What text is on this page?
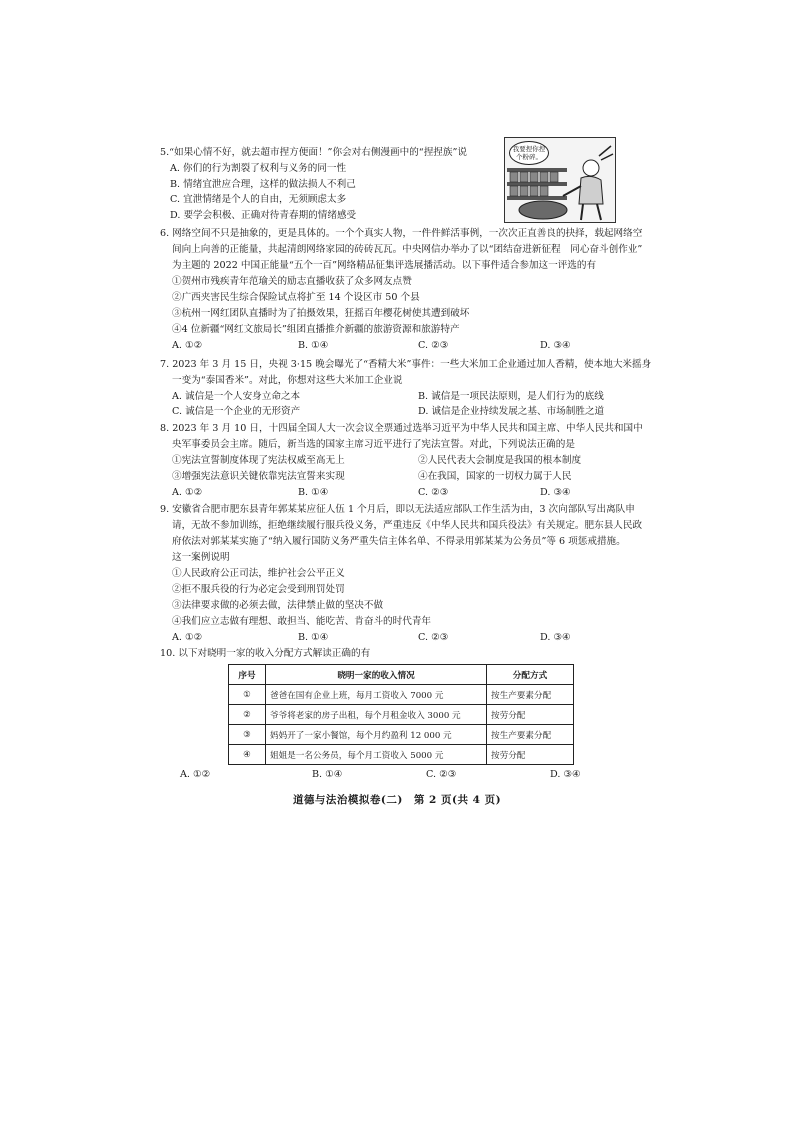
5.“如果心情不好，就去超市捏方便面！”你会对右侧漫画中的“捏捏族”说
A. 你们的行为割裂了权利与义务的同一性
B. 情绪宜泄应合理，这样的做法损人不利己
C. 宜泄情绪是个人的自由，无须顾虑太多
D. 要学会积极、正确对待青春期的情绪感受
我要捏你捏个粉碎。
6. 网络空间不只是抽象的，更是具体的。一个个真实人物，一件件鲜活事例，一次次正直善良的抉择，载起网络空
间向上向善的正能量，共起清朗网络家园的砖砖瓦瓦。中央网信办举办了以“团结奋进新征程　同心奋斗创作业”
为主题的 2022 中国正能量“五个一百”网络精品征集评选展播活动。以下事件适合参加这一评选的有
①贺州市残疾青年范瑜关的励志直播收获了众多网友点赞
②广西夹害民生综合保险试点将扩至 14 个设区市 50 个县
③杭州一网红团队直播时为了拍摄效果，狂摇百年樱花树使其遭到破坏
④4 位新疆“网红文旅局长”组团直播推介新疆的旅游资源和旅游特产
A. ①②	B. ①④	C. ②③	D. ③④
7. 2023 年 3 月 15 日，央视 3·15 晚会曝光了“香精大米”事件：一些大米加工企业通过加人香精，使本地大米摇身
一变为“泰国香米”。对此，你想对这些大米加工企业说
A. 诚信是一个人安身立命之本	B. 诚信是一项民法原则，是人们行为的底线
C. 诚信是一个企业的无形资产	D. 诚信是企业持续发展之基、市场制胜之道
8. 2023 年 3 月 10 日，十四届全国人大一次会议全票通过选举习近平为中华人民共和国主席、中华人民共和国中
央军事委员会主席。随后，新当选的国家主席习近平进行了宪法宣誓。对此，下列说法正确的是
①宪法宣誓制度体现了宪法权威至高无上	②人民代表大会制度是我国的根本制度
③增强宪法意识关键依靠宪法宣誓来实现	④在我国，国家的一切权力属于人民
A. ①②	B. ①④	C. ②③	D. ③④
9. 安徽省合肥市肥东县青年郭某某应征人伍 1 个月后，即以无法适应部队工作生活为由，3 次向部队写出离队申
请，无故不参加训练，拒绝继续履行服兵役义务，严重违反《中华人民共和国兵役法》有关规定。肥东县人民政
府依法对郭某某实施了“纳入履行国防义务严重失信主体名单、不得录用郭某某为公务员”等 6 项惩戒措施。
这一案例说明
①人民政府公正司法，维护社会公平正义
②拒不服兵役的行为必定会受到刑罚处罚
③法律要求做的必须去做，法律禁止做的坚决不做
④我们应立志做有理想、敢担当、能吃苦、肯奋斗的时代青年
A. ①②	B. ①④	C. ②③	D. ③④
10. 以下对晓明一家的收入分配方式解读正确的有
序号	晓明一家的收入情况	分配方式
①	爸爸在国有企业上班，每月工资收入 7000 元	按生产要素分配
②	爷爷将老家的房子出租，每个月租金收入 3000 元	按劳分配
③	妈妈开了一家小餐馆，每个月约盈利 12 000 元	按生产要素分配
④	姐姐是一名公务员，每个月工资收入 5000 元	按劳分配
A. ①②	B. ①④	C. ②③	D. ③④
道德与法治模拟卷(二)　第 2 页(共 4 页)
